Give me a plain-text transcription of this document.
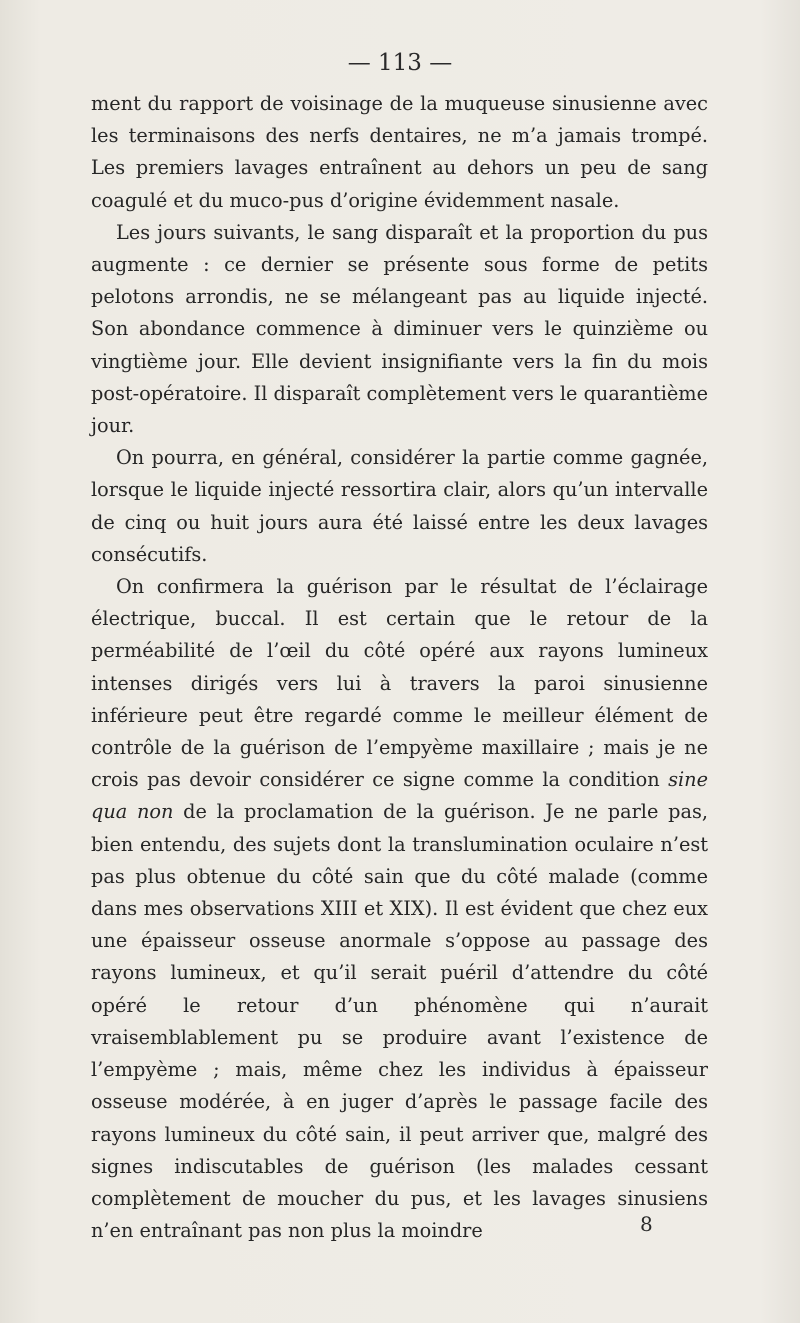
— 113 —

ment du rapport de voisinage de la muqueuse sinusienne avec les terminaisons des nerfs dentaires, ne m’a jamais trompé. Les premiers lavages entraînent au dehors un peu de sang coagulé et du muco-pus d’origine évidemment nasale.

Les jours suivants, le sang disparaît et la proportion du pus augmente : ce dernier se présente sous forme de petits pelotons arrondis, ne se mélangeant pas au liquide injecté. Son abondance commence à diminuer vers le quinzième ou vingtième jour. Elle devient insignifiante vers la fin du mois post-opératoire. Il disparaît complètement vers le quarantième jour.

On pourra, en général, considérer la partie comme gagnée, lorsque le liquide injecté ressortira clair, alors qu’un intervalle de cinq ou huit jours aura été laissé entre les deux lavages consécutifs.

On confirmera la guérison par le résultat de l’éclairage électrique, buccal. Il est certain que le retour de la perméabilité de l’œil du côté opéré aux rayons lumineux intenses dirigés vers lui à travers la paroi sinusienne inférieure peut être regardé comme le meilleur élément de contrôle de la guérison de l’empyème maxillaire ; mais je ne crois pas devoir considérer ce signe comme la condition sine qua non de la proclamation de la guérison. Je ne parle pas, bien entendu, des sujets dont la translumination oculaire n’est pas plus obtenue du côté sain que du côté malade (comme dans mes observations XIII et XIX). Il est évident que chez eux une épaisseur osseuse anormale s’oppose au passage des rayons lumineux, et qu’il serait puéril d’attendre du côté opéré le retour d’un phénomène qui n’aurait vraisemblablement pu se produire avant l’existence de l’empyème ; mais, même chez les individus à épaisseur osseuse modérée, à en juger d’après le passage facile des rayons lumineux du côté sain, il peut arriver que, malgré des signes indiscutables de guérison (les malades cessant complètement de moucher du pus, et les lavages sinusiens n’en entraînant pas non plus la moindre	8
